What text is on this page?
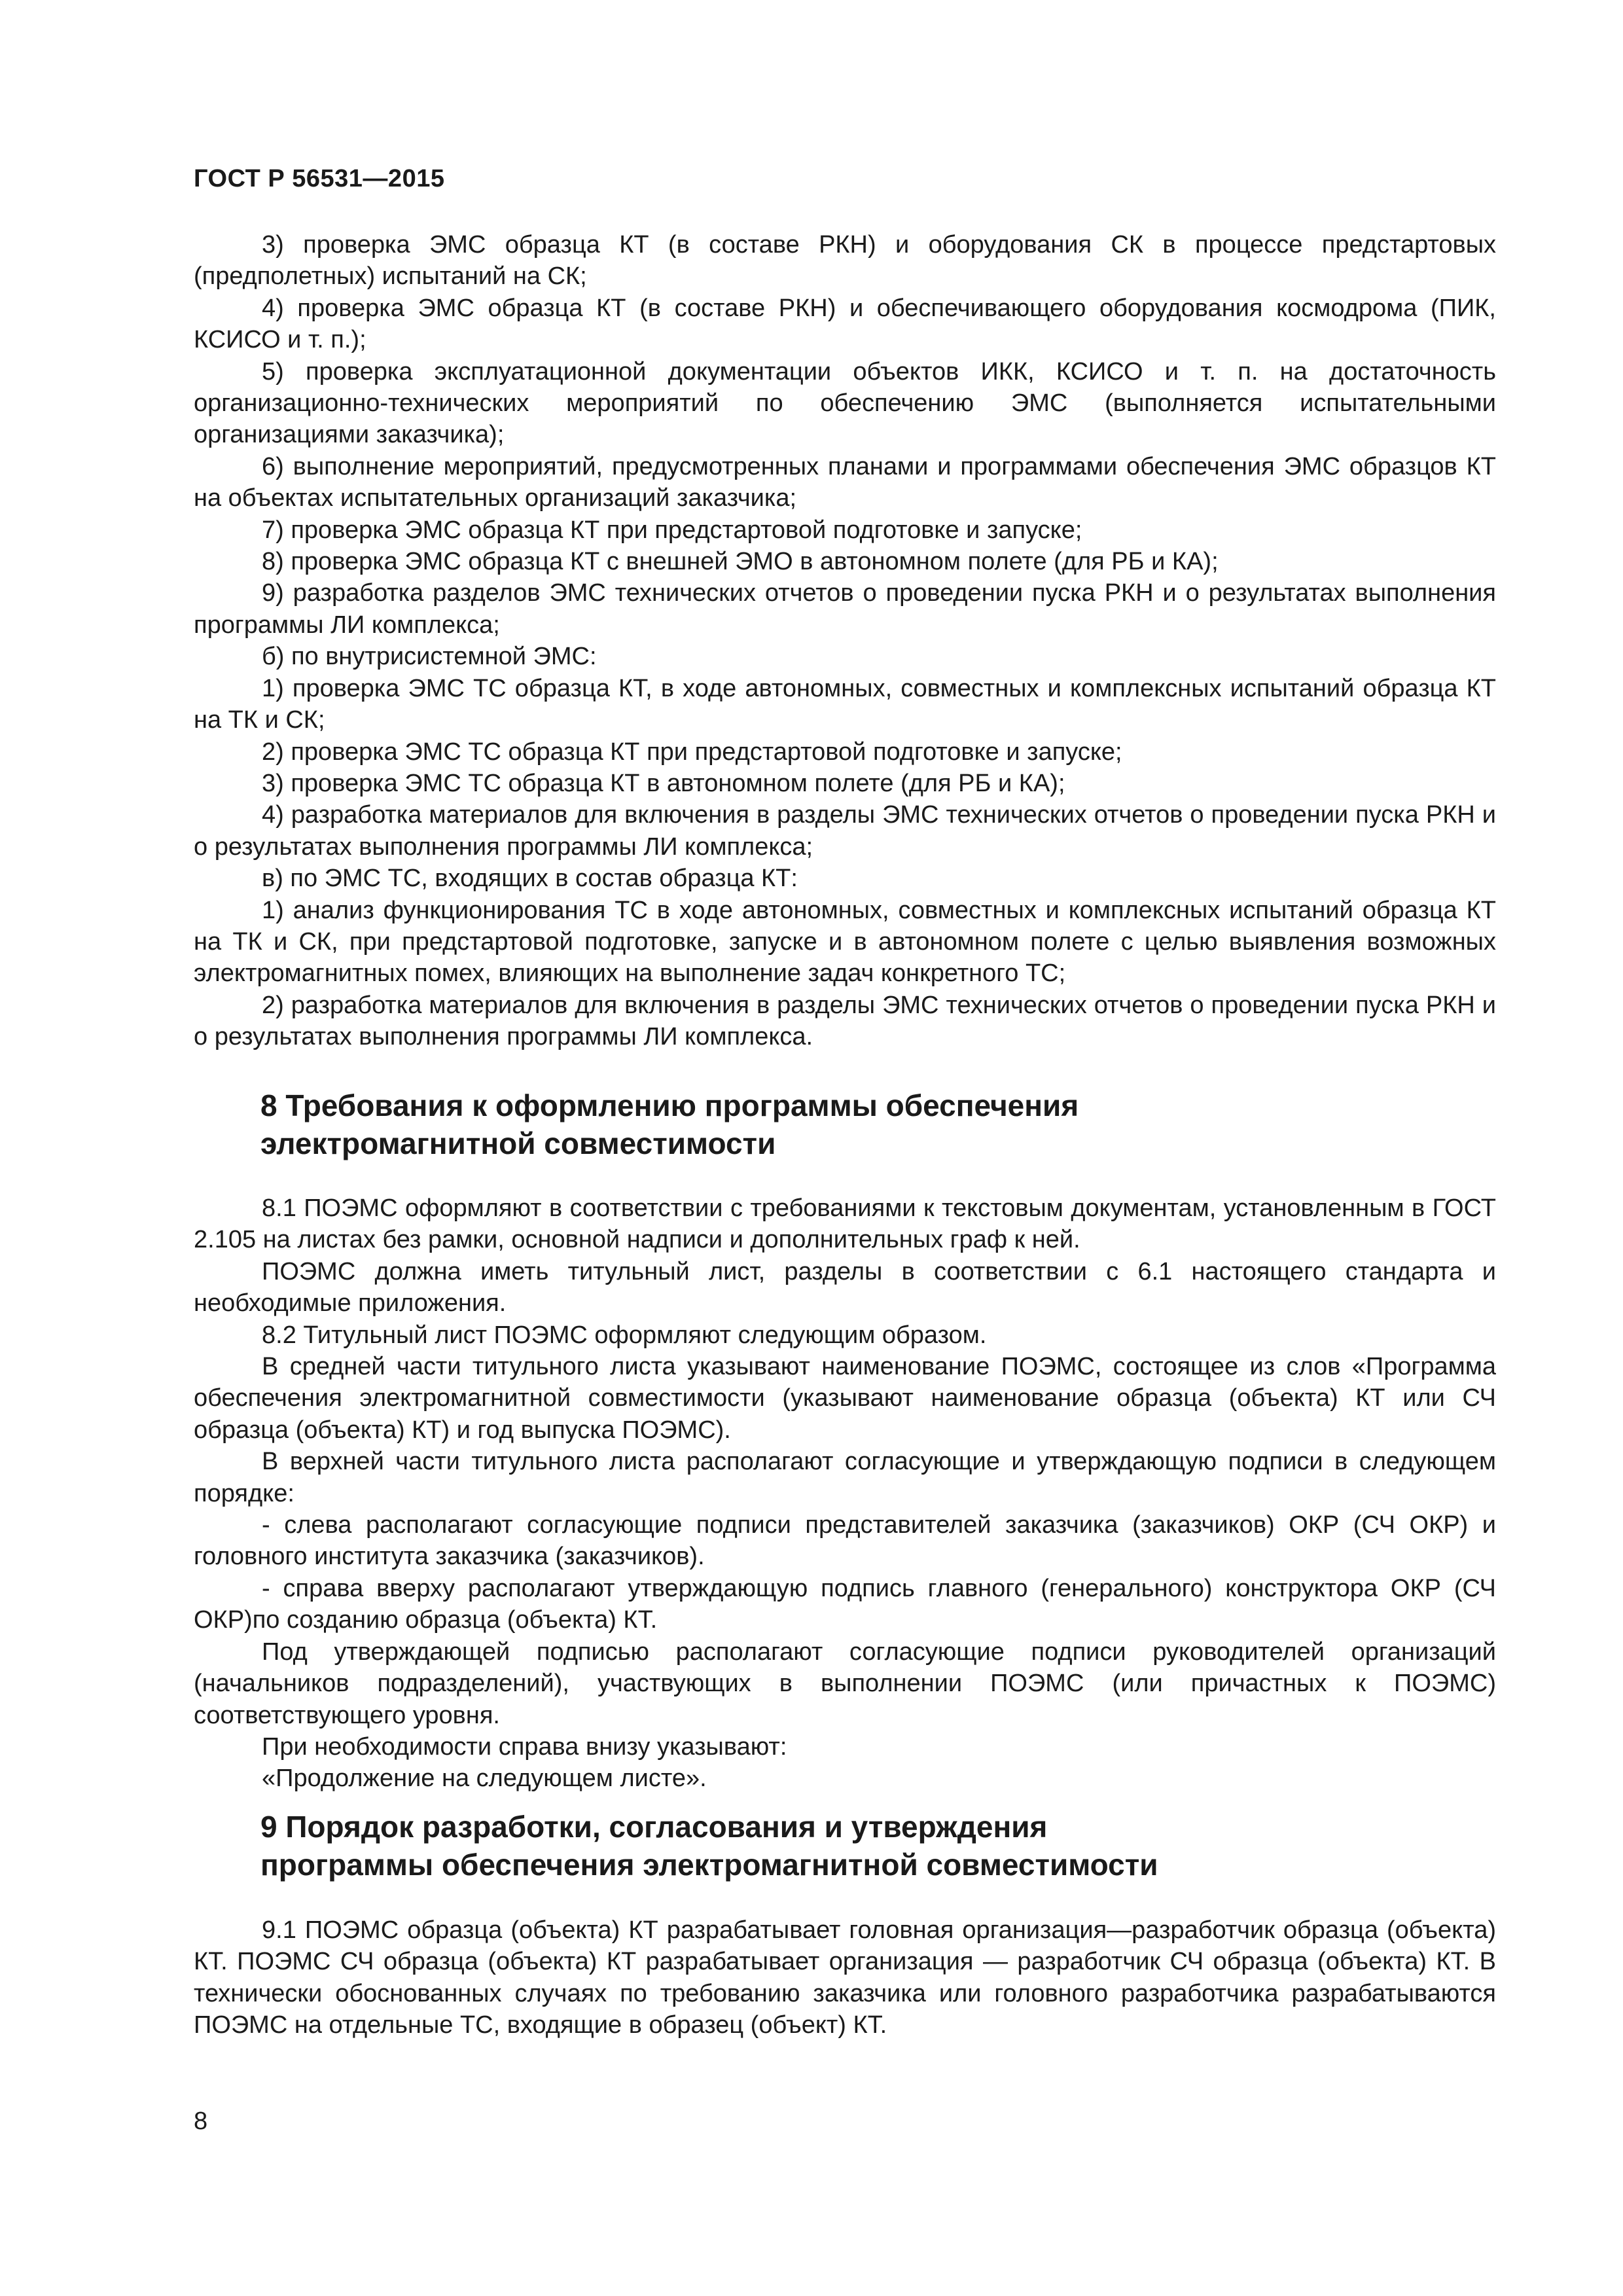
ГОСТ Р 56531—2015

3) проверка ЭМС образца КТ (в составе РКН) и оборудования СК в процессе предстартовых (предполетных) испытаний на СК;

4) проверка ЭМС образца КТ (в составе РКН) и обеспечивающего оборудования космодрома (ПИК, КСИСО и т. п.);

5) проверка эксплуатационной документации объектов ИКК, КСИСО и т. п. на достаточность организационно-технических мероприятий по обеспечению ЭМС (выполняется испытательными организациями заказчика);

6) выполнение мероприятий, предусмотренных планами и программами обеспечения ЭМС образцов КТ на объектах испытательных организаций заказчика;

7) проверка ЭМС образца КТ при предстартовой подготовке и запуске;

8) проверка ЭМС образца КТ с внешней ЭМО в автономном полете (для РБ и КА);

9) разработка разделов ЭМС технических отчетов о проведении пуска РКН и о результатах выполнения программы ЛИ комплекса;

б) по внутрисистемной ЭМС:

1) проверка ЭМС ТС образца КТ, в ходе автономных, совместных и комплексных испытаний образца КТ на ТК и СК;

2) проверка ЭМС ТС образца КТ при предстартовой подготовке и запуске;

3) проверка ЭМС ТС образца КТ в автономном полете (для РБ и КА);

4) разработка материалов для включения в разделы ЭМС технических отчетов о проведении пуска РКН и о результатах выполнения программы ЛИ комплекса;

в) по ЭМС ТС, входящих в состав образца КТ:

1) анализ функционирования ТС в ходе автономных, совместных и комплексных испытаний образца КТ на ТК и СК, при предстартовой подготовке, запуске и в автономном полете с целью выявления возможных электромагнитных помех, влияющих на выполнение задач конкретного ТС;

2) разработка материалов для включения в разделы ЭМС технических отчетов о проведении пуска РКН и о результатах выполнения программы ЛИ комплекса.

8 Требования к оформлению программы обеспечения
электромагнитной совместимости

8.1 ПОЭМС оформляют в соответствии с требованиями к текстовым документам, установленным в ГОСТ 2.105 на листах без рамки, основной надписи и дополнительных граф к ней.

ПОЭМС должна иметь титульный лист, разделы в соответствии с 6.1 настоящего стандарта и необходимые приложения.

8.2 Титульный лист ПОЭМС оформляют следующим образом.

В средней части титульного листа указывают наименование ПОЭМС, состоящее из слов «Программа обеспечения электромагнитной совместимости (указывают наименование образца (объекта) КТ или СЧ образца (объекта) КТ) и год выпуска ПОЭМС).

В верхней части титульного листа располагают согласующие и утверждающую подписи в следующем порядке:

- слева располагают согласующие подписи представителей заказчика (заказчиков) ОКР (СЧ ОКР) и головного института заказчика (заказчиков).

- справа вверху располагают утверждающую подпись главного (генерального) конструктора ОКР (СЧ ОКР)по созданию образца (объекта) КТ.

Под утверждающей подписью располагают согласующие подписи руководителей организаций (начальников подразделений), участвующих в выполнении ПОЭМС (или причастных к ПОЭМС) соответствующего уровня.

При необходимости справа внизу указывают:

«Продолжение на следующем листе».

9 Порядок разработки, согласования и утверждения
программы обеспечения электромагнитной совместимости

9.1 ПОЭМС образца (объекта) КТ разрабатывает головная организация—разработчик образца (объекта) КТ. ПОЭМС СЧ образца (объекта) КТ разрабатывает организация — разработчик СЧ образца (объекта) КТ. В технически обоснованных случаях по требованию заказчика или головного разработчика разрабатываются ПОЭМС на отдельные ТС, входящие в образец (объект) КТ.

8
